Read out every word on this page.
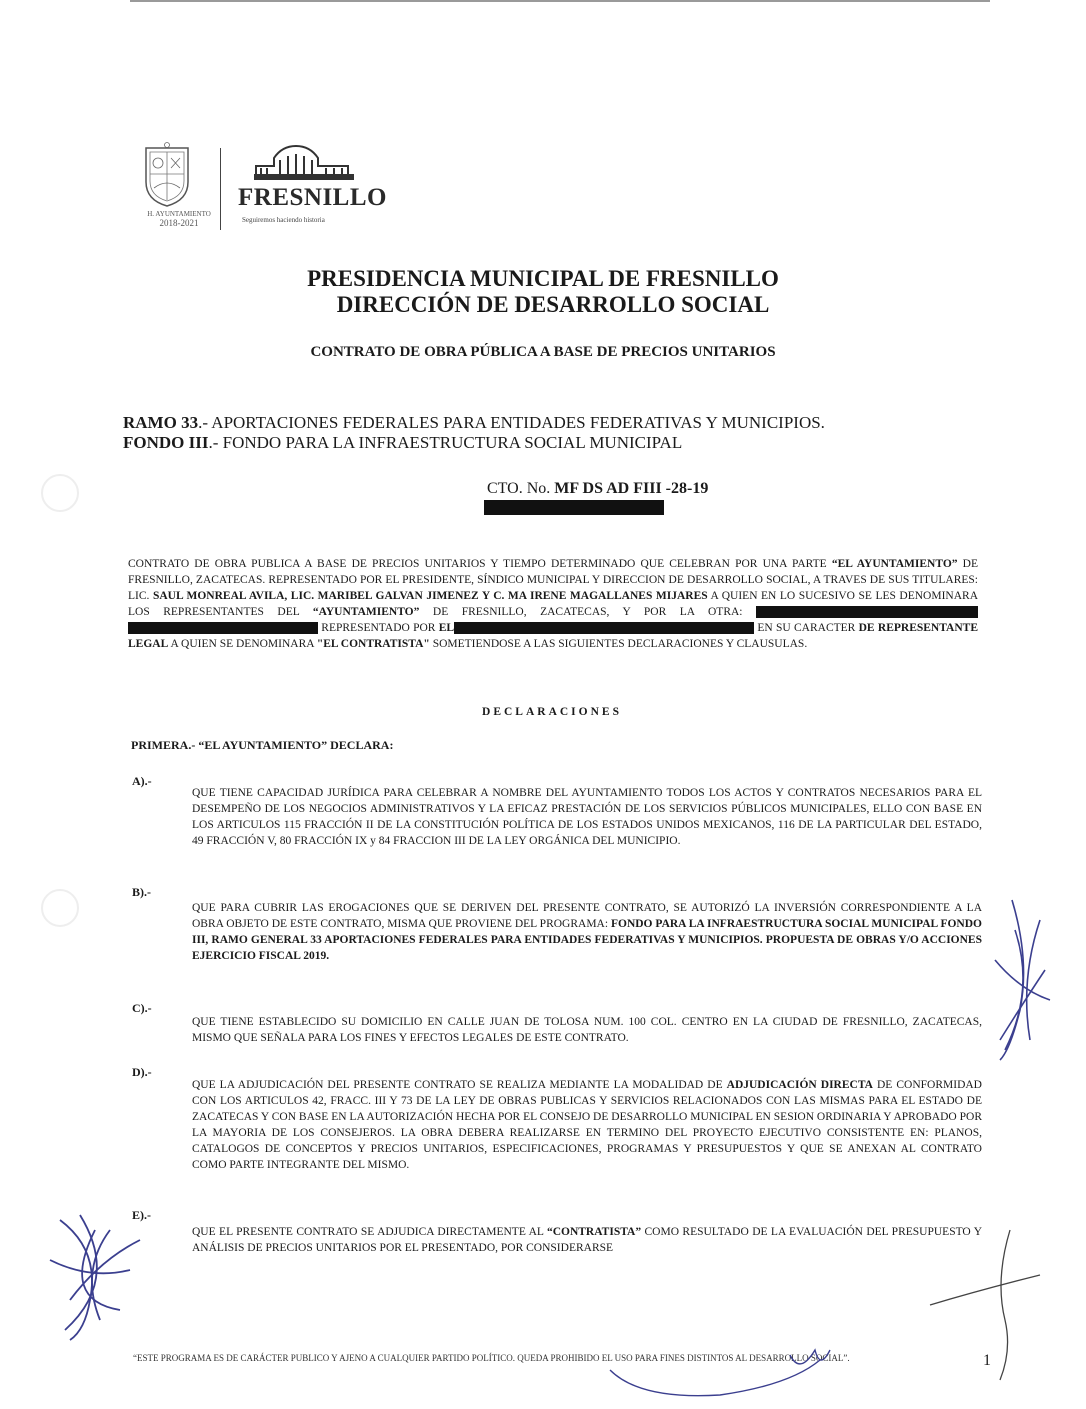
H. AYUNTAMIENTO
2018-2021
FRESNILLO
Seguiremos haciendo historia
PRESIDENCIA MUNICIPAL DE FRESNILLO
DIRECCIÓN DE DESARROLLO SOCIAL
CONTRATO DE OBRA PÚBLICA A BASE DE PRECIOS UNITARIOS
RAMO 33.- APORTACIONES FEDERALES PARA ENTIDADES FEDERATIVAS Y MUNICIPIOS.
FONDO III.- FONDO PARA LA INFRAESTRUCTURA SOCIAL MUNICIPAL
CTO. No. MF DS AD FIII -28-19
CONTRATO DE OBRA PUBLICA A BASE DE PRECIOS UNITARIOS Y TIEMPO DETERMINADO QUE CELEBRAN POR UNA PARTE “EL AYUNTAMIENTO” DE FRESNILLO, ZACATECAS. REPRESENTADO POR EL PRESIDENTE, SÍNDICO MUNICIPAL Y DIRECCION DE DESARROLLO SOCIAL, A TRAVES DE SUS TITULARES: LIC. SAUL MONREAL AVILA, LIC. MARIBEL GALVAN JIMENEZ Y C. MA IRENE MAGALLANES MIJARES A QUIEN EN LO SUCESIVO SE LES DENOMINARA LOS REPRESENTANTES DEL “AYUNTAMIENTO” DE FRESNILLO, ZACATECAS, Y POR LA OTRA:   REPRESENTADO POR EL	EN SU CARACTER DE REPRESENTANTE LEGAL A QUIEN SE DENOMINARA "EL CONTRATISTA" SOMETIENDOSE A LAS SIGUIENTES DECLARACIONES Y CLAUSULAS.
DECLARACIONES
PRIMERA.- “EL AYUNTAMIENTO” DECLARA:
A).-
QUE TIENE CAPACIDAD JURÍDICA PARA CELEBRAR A NOMBRE DEL AYUNTAMIENTO TODOS LOS ACTOS Y CONTRATOS NECESARIOS PARA EL DESEMPEÑO DE LOS NEGOCIOS ADMINISTRATIVOS Y LA EFICAZ PRESTACIÓN DE LOS SERVICIOS PÚBLICOS MUNICIPALES, ELLO CON BASE EN LOS ARTICULOS 115 FRACCIÓN II DE LA CONSTITUCIÓN POLÍTICA DE LOS ESTADOS UNIDOS MEXICANOS, 116 DE LA PARTICULAR DEL ESTADO, 49 FRACCIÓN V, 80 FRACCIÓN IX y 84 FRACCION III DE LA LEY ORGÁNICA DEL MUNICIPIO.
B).-
QUE PARA CUBRIR LAS EROGACIONES QUE SE DERIVEN DEL PRESENTE CONTRATO, SE AUTORIZÓ LA INVERSIÓN CORRESPONDIENTE A LA OBRA OBJETO DE ESTE CONTRATO, MISMA QUE PROVIENE DEL PROGRAMA: FONDO PARA LA INFRAESTRUCTURA SOCIAL MUNICIPAL FONDO III, RAMO GENERAL 33 APORTACIONES FEDERALES PARA ENTIDADES FEDERATIVAS Y MUNICIPIOS. PROPUESTA DE OBRAS Y/O ACCIONES EJERCICIO FISCAL 2019.
C).-
QUE TIENE ESTABLECIDO SU DOMICILIO EN CALLE JUAN DE TOLOSA NUM. 100 COL. CENTRO EN LA CIUDAD DE FRESNILLO, ZACATECAS, MISMO QUE SEÑALA PARA LOS FINES Y EFECTOS LEGALES DE ESTE CONTRATO.
D).-
QUE LA ADJUDICACIÓN DEL PRESENTE CONTRATO SE REALIZA MEDIANTE LA MODALIDAD DE ADJUDICACIÓN DIRECTA DE CONFORMIDAD CON LOS ARTICULOS 42, FRACC. III Y 73 DE LA LEY DE OBRAS PUBLICAS Y SERVICIOS RELACIONADOS CON LAS MISMAS PARA EL ESTADO DE ZACATECAS Y CON BASE EN LA AUTORIZACIÓN HECHA POR EL CONSEJO DE DESARROLLO MUNICIPAL EN SESION ORDINARIA Y APROBADO POR LA MAYORIA DE LOS CONSEJEROS. LA OBRA DEBERA REALIZARSE EN TERMINO DEL PROYECTO EJECUTIVO CONSISTENTE EN: PLANOS, CATALOGOS DE CONCEPTOS Y PRECIOS UNITARIOS, ESPECIFICACIONES, PROGRAMAS Y PRESUPUESTOS Y QUE SE ANEXAN AL CONTRATO COMO PARTE INTEGRANTE DEL MISMO.
E).-
QUE EL PRESENTE CONTRATO SE ADJUDICA DIRECTAMENTE AL “CONTRATISTA” COMO RESULTADO DE LA EVALUACIÓN DEL PRESUPUESTO Y ANÁLISIS DE PRECIOS UNITARIOS POR EL PRESENTADO, POR CONSIDERARSE
“ESTE PROGRAMA ES DE CARÁCTER PUBLICO Y AJENO A CUALQUIER PARTIDO POLÍTICO. QUEDA PROHIBIDO EL USO PARA FINES DISTINTOS AL DESARROLLO SOCIAL”.	1
